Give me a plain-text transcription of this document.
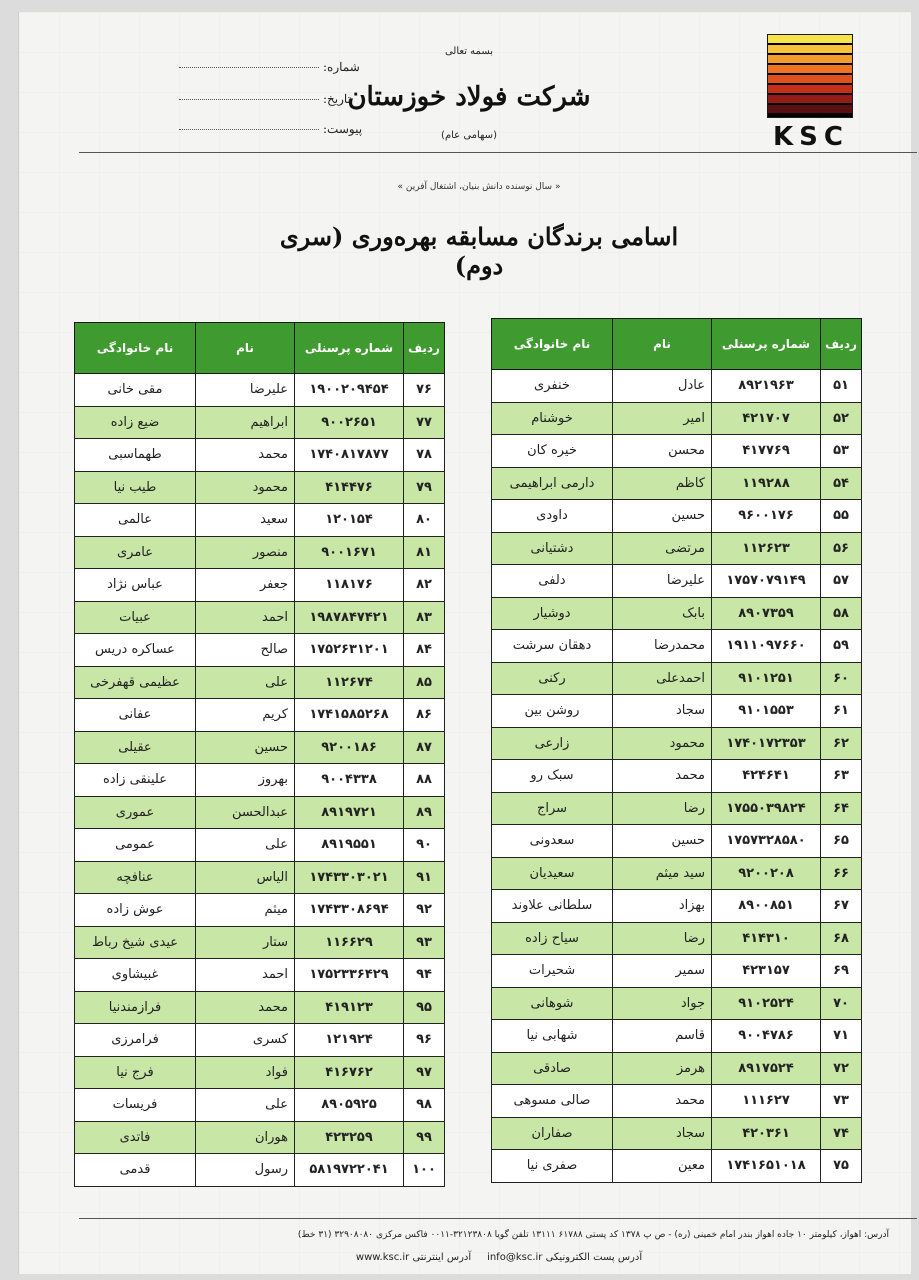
بسمه تعالی
شرکت فولاد خوزستان
(سهامی عام)
شماره:
تاریخ:
پیوست:	KSC
« سال نوسنده دانش بنیان، اشتغال آفرین »
اسامی برندگان مسابقه بهره‌وری (سری دوم)
ردیف	شماره پرسنلی	نام	نام خانوادگی
۵۱	۸۹۲۱۹۶۳	عادل	خنفری
۵۲	۴۲۱۷۰۷	امیر	خوشنام
۵۳	۴۱۷۷۶۹	محسن	خیره کان
۵۴	۱۱۹۲۸۸	کاظم	دارمی ابراهیمی
۵۵	۹۶۰۰۱۷۶	حسین	داودی
۵۶	۱۱۲۶۲۳	مرتضی	دشتیانی
۵۷	۱۷۵۷۰۷۹۱۴۹	علیرضا	دلفی
۵۸	۸۹۰۷۳۵۹	بابک	دوشیار
۵۹	۱۹۱۱۰۹۷۶۶۰	محمدرضا	دهقان سرشت
۶۰	۹۱۰۱۲۵۱	احمدعلی	رکنی
۶۱	۹۱۰۱۵۵۳	سجاد	روشن بین
۶۲	۱۷۴۰۱۷۲۳۵۳	محمود	زارعی
۶۳	۴۲۴۶۴۱	محمد	سبک رو
۶۴	۱۷۵۵۰۳۹۸۲۴	رضا	سراج
۶۵	۱۷۵۷۳۲۸۵۸۰	حسین	سعدونی
۶۶	۹۲۰۰۲۰۸	سید میثم	سعیدیان
۶۷	۸۹۰۰۸۵۱	بهزاد	سلطانی علاوند
۶۸	۴۱۴۳۱۰	رضا	سیاح زاده
۶۹	۴۲۳۱۵۷	سمیر	شحیرات
۷۰	۹۱۰۲۵۲۴	جواد	شوهانی
۷۱	۹۰۰۴۷۸۶	قاسم	شهابی نیا
۷۲	۸۹۱۷۵۲۴	هرمز	صادقی
۷۳	۱۱۱۶۲۷	محمد	صالی مسوهی
۷۴	۴۲۰۳۶۱	سجاد	صفاران
۷۵	۱۷۴۱۶۵۱۰۱۸	معین	صفری نیا
ردیف	شماره پرسنلی	نام	نام خانوادگی
۷۶	۱۹۰۰۲۰۹۴۵۴	علیرضا	مقی خانی
۷۷	۹۰۰۲۶۵۱	ابراهیم	ضیع زاده
۷۸	۱۷۴۰۸۱۷۸۷۷	محمد	طهماسبی
۷۹	۴۱۴۴۷۶	محمود	طیب نیا
۸۰	۱۲۰۱۵۴	سعید	عالمی
۸۱	۹۰۰۱۶۷۱	منصور	عامری
۸۲	۱۱۸۱۷۶	جعفر	عباس نژاد
۸۳	۱۹۸۷۸۴۷۴۲۱	احمد	عبیات
۸۴	۱۷۵۲۶۳۱۲۰۱	صالح	عساکره دریس
۸۵	۱۱۲۶۷۴	علی	عظیمی قهفرخی
۸۶	۱۷۴۱۵۸۵۲۶۸	کریم	عفانی
۸۷	۹۲۰۰۱۸۶	حسین	عقیلی
۸۸	۹۰۰۴۳۳۸	بهروز	علینقی زاده
۸۹	۸۹۱۹۷۲۱	عبدالحسن	عموری
۹۰	۸۹۱۹۵۵۱	علی	عمومی
۹۱	۱۷۴۳۳۰۳۰۲۱	الیاس	عنافچه
۹۲	۱۷۴۳۳۰۸۶۹۴	میثم	عوش زاده
۹۳	۱۱۶۶۲۹	ستار	عیدی شیخ رباط
۹۴	۱۷۵۲۳۳۶۴۲۹	احمد	غبیشاوی
۹۵	۴۱۹۱۲۳	محمد	فرازمندنیا
۹۶	۱۲۱۹۲۴	کسری	فرامرزی
۹۷	۴۱۶۷۶۲	فواد	فرج نیا
۹۸	۸۹۰۵۹۲۵	علی	فریسات
۹۹	۴۲۳۲۵۹	هوران	فاتدی
۱۰۰	۵۸۱۹۷۲۲۰۴۱	رسول	قدمی
آدرس: اهواز، کیلومتر ۱۰ جاده اهواز بندر امام خمینی (ره) - ص پ ۱۳۷۸ کد پستی ۶۱۷۸۸ ۱۳۱۱۱ تلفن گویا ۳۲۱۲۳۸۰۸-۰۰۱۱ فاکس مرکزی ۳۲۹۰۸۰۸۰ (۳۱ خط)
آدرس پست الکترونیکی info@ksc.ir     آدرس اینترنتی www.ksc.ir
